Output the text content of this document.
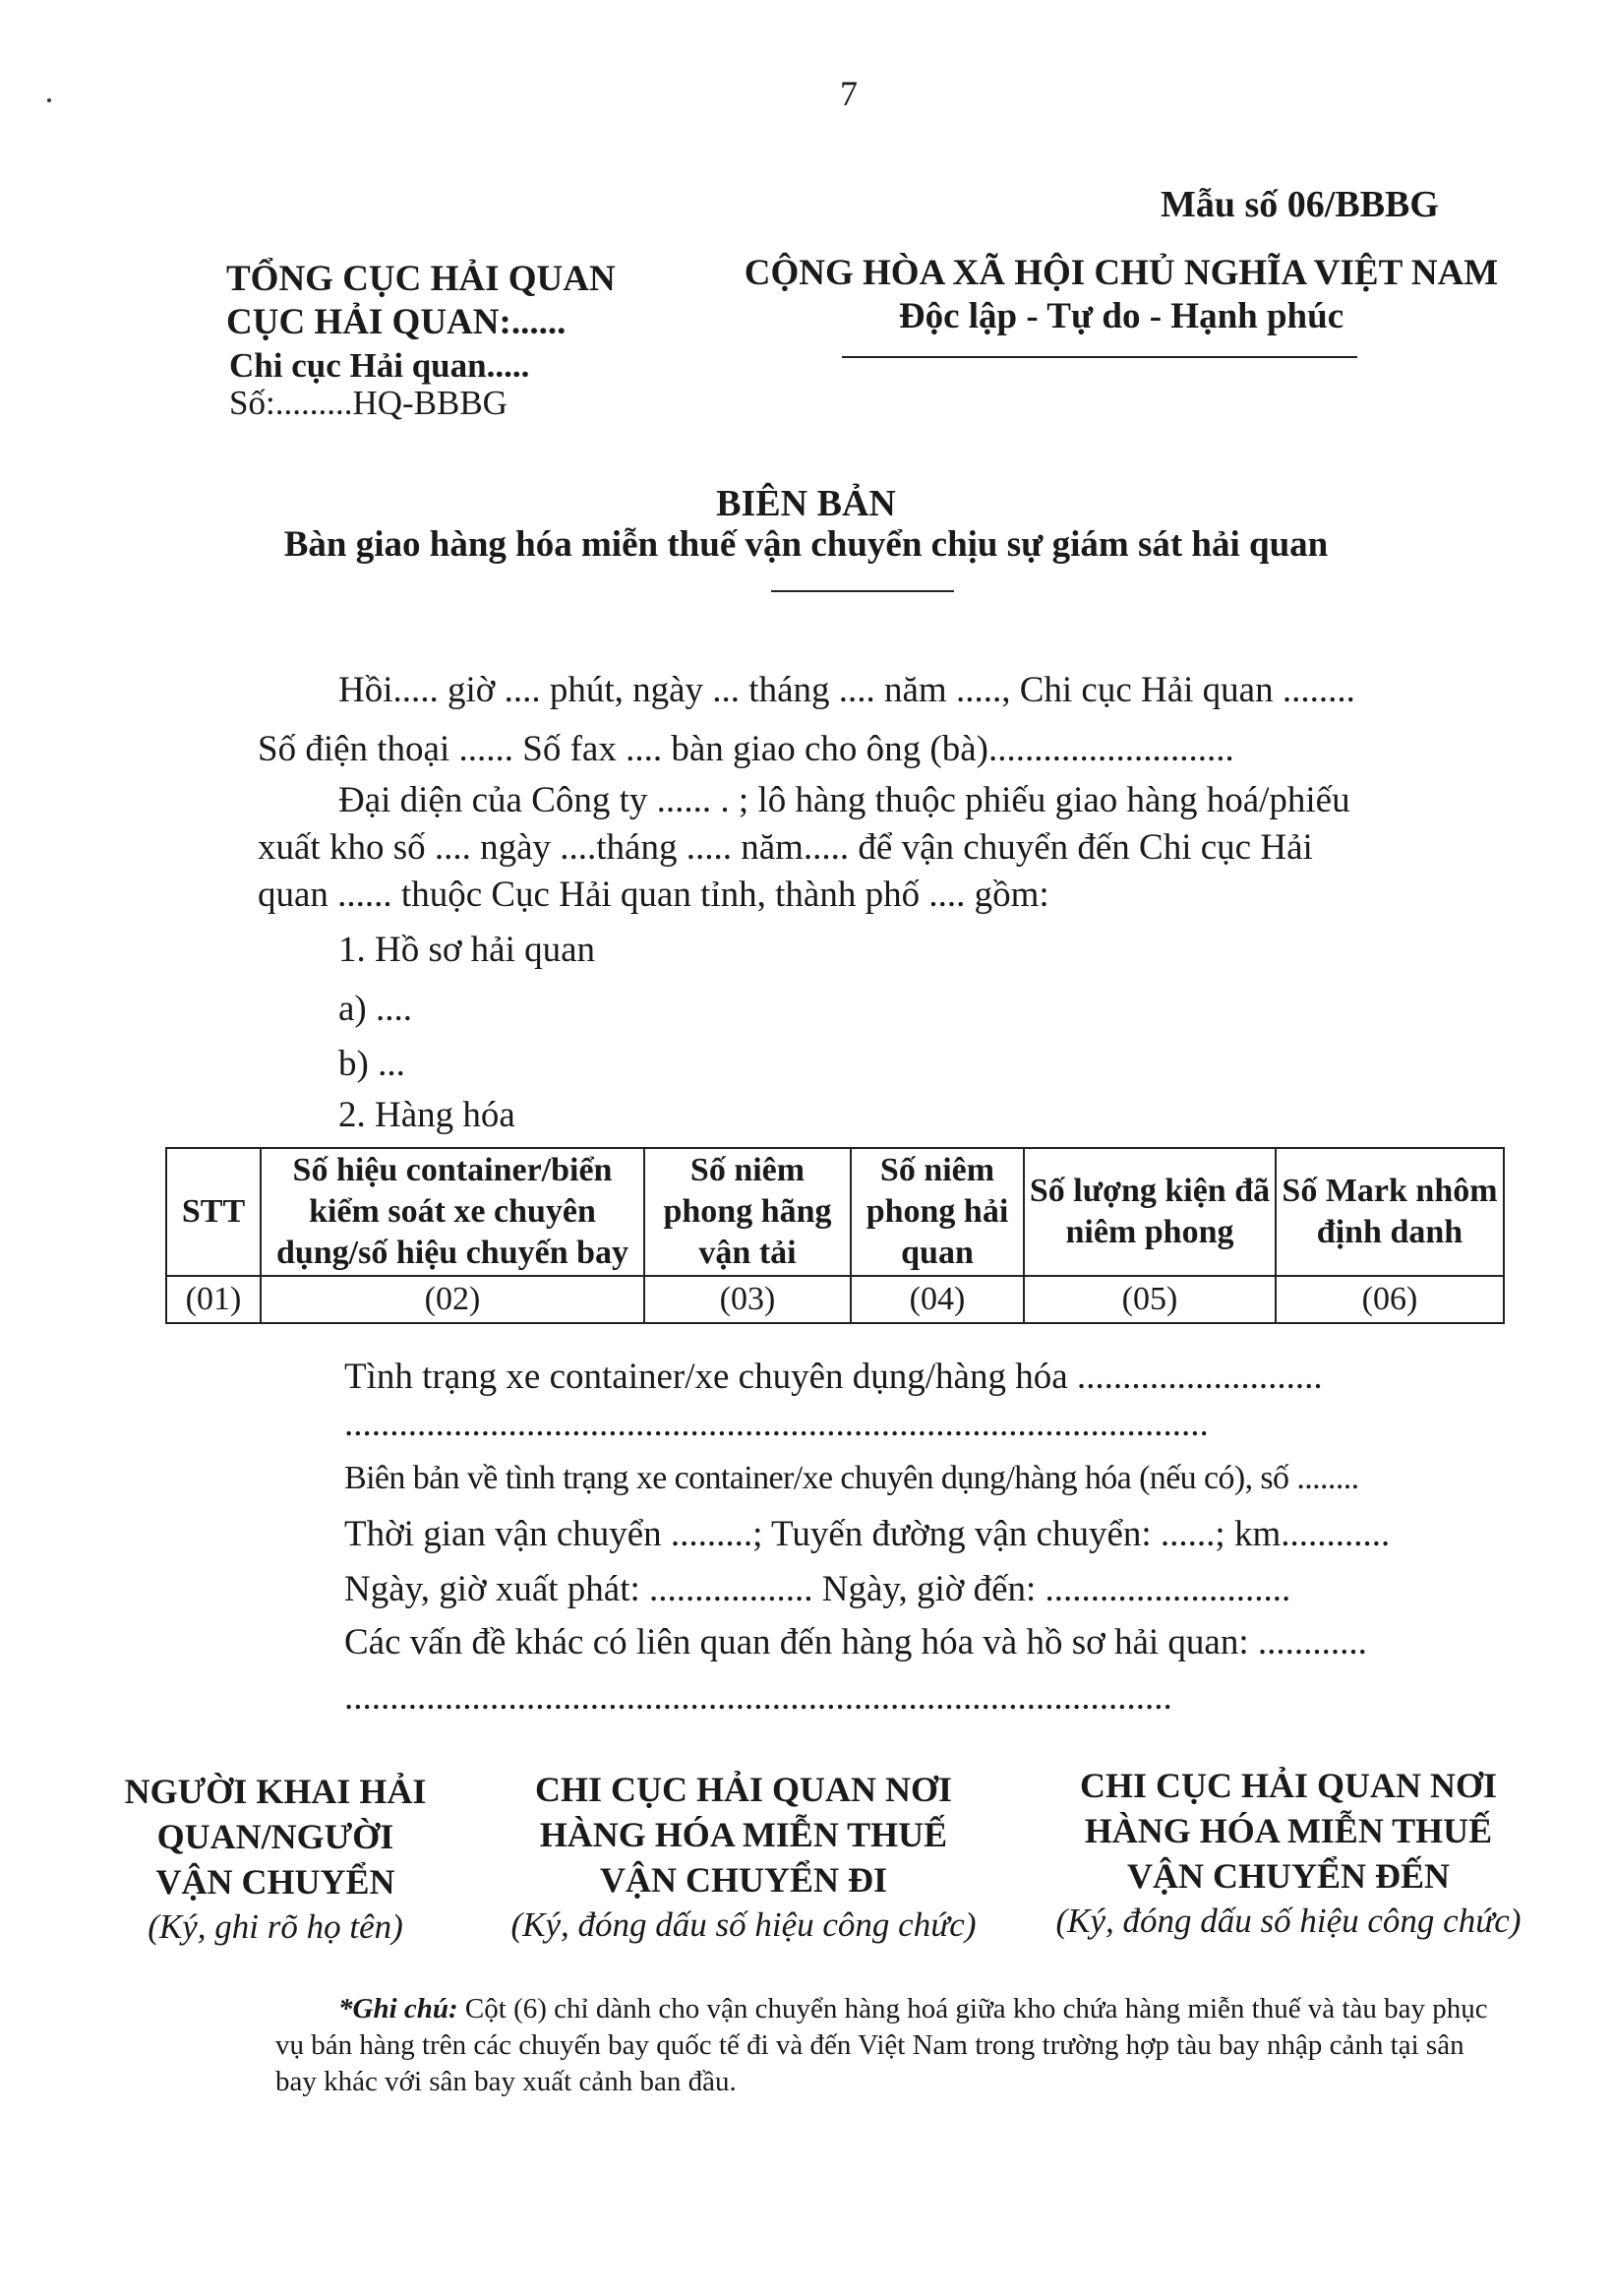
7
Mẫu số 06/BBBG
TỔNG CỤC HẢI QUAN
CỤC HẢI QUAN:......
Chi cục Hải quan.....
Số:.........HQ-BBBG
CỘNG HÒA XÃ HỘI CHỦ NGHĨA VIỆT NAM
Độc lập - Tự do - Hạnh phúc
BIÊN BẢN
Bàn giao hàng hóa miễn thuế vận chuyển chịu sự giám sát hải quan
Hồi..... giờ .... phút, ngày ... tháng .... năm ....., Chi cục Hải quan ........
Số điện thoại ...... Số fax .... bàn giao cho ông (bà)...........................
Đại diện của Công ty ...... . ; lô hàng thuộc phiếu giao hàng hoá/phiếu
xuất kho số .... ngày ....tháng ..... năm..... để vận chuyển đến Chi cục Hải
quan ...... thuộc Cục Hải quan tỉnh, thành phố .... gồm:
1. Hồ sơ hải quan
a) ....
b) ...
2. Hàng hóa
STT	Số hiệu container/biển kiểm soát xe chuyên dụng/số hiệu chuyến bay	Số niêm phong hãng vận tải	Số niêm phong hải quan	Số lượng kiện đã niêm phong	Số Mark nhôm định danh
(01)	(02)	(03)	(04)	(05)	(06)
Tình trạng xe container/xe chuyên dụng/hàng hóa ...........................
...............................................................................................
Biên bản về tình trạng xe container/xe chuyên dụng/hàng hóa (nếu có), số ........
Thời gian vận chuyển .........; Tuyến đường vận chuyển: ......; km............
Ngày, giờ xuất phát: .................. Ngày, giờ đến: ...........................
Các vấn đề khác có liên quan đến hàng hóa và hồ sơ hải quan: ............
...........................................................................................
NGƯỜI KHAI HẢI
QUAN/NGƯỜI
VẬN CHUYỂN
(Ký, ghi rõ họ tên)
CHI CỤC HẢI QUAN NƠI
HÀNG HÓA MIỄN THUẾ
VẬN CHUYỂN ĐI
(Ký, đóng dấu số hiệu công chức)
CHI CỤC HẢI QUAN NƠI
HÀNG HÓA MIỄN THUẾ
VẬN CHUYỂN ĐẾN
(Ký, đóng dấu số hiệu công chức)
*Ghi chú: Cột (6) chỉ dành cho vận chuyển hàng hoá giữa kho chứa hàng miễn thuế và tàu bay phục vụ bán hàng trên các chuyến bay quốc tế đi và đến Việt Nam trong trường hợp tàu bay nhập cảnh tại sân bay khác với sân bay xuất cảnh ban đầu.
